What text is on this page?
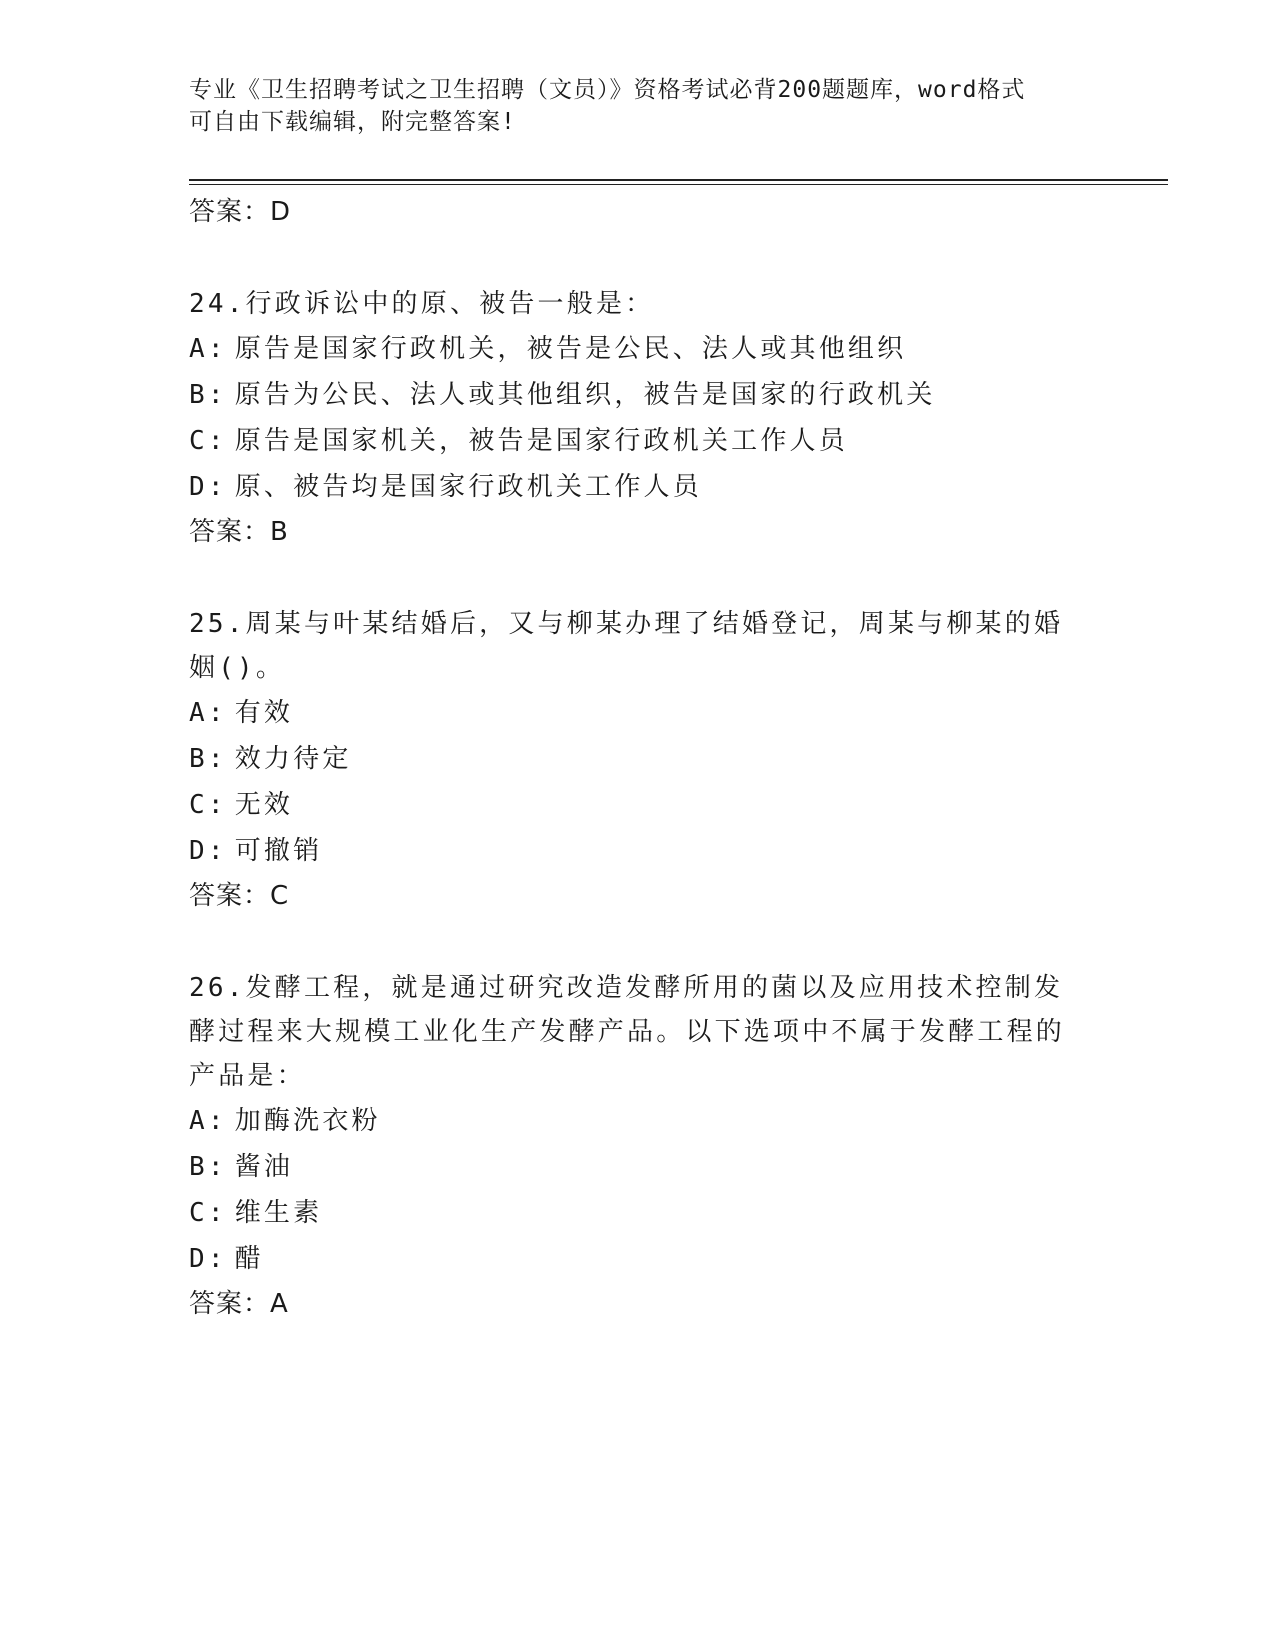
专业《卫生招聘考试之卫生招聘（文员）》资格考试必背200题题库，word格式
可自由下载编辑，附完整答案!
答案：D
24.行政诉讼中的原、被告一般是：
A: 原告是国家行政机关，被告是公民、法人或其他组织
B: 原告为公民、法人或其他组织，被告是国家的行政机关
C: 原告是国家机关，被告是国家行政机关工作人员
D: 原、被告均是国家行政机关工作人员
答案：B
25.周某与叶某结婚后，又与柳某办理了结婚登记，周某与柳某的婚姻()。
A: 有效
B: 效力待定
C: 无效
D: 可撤销
答案：C
26.发酵工程，就是通过研究改造发酵所用的菌以及应用技术控制发酵过程来大规模工业化生产发酵产品。以下选项中不属于发酵工程的产品是：
A: 加酶洗衣粉
B: 酱油
C: 维生素
D: 醋
答案：A
